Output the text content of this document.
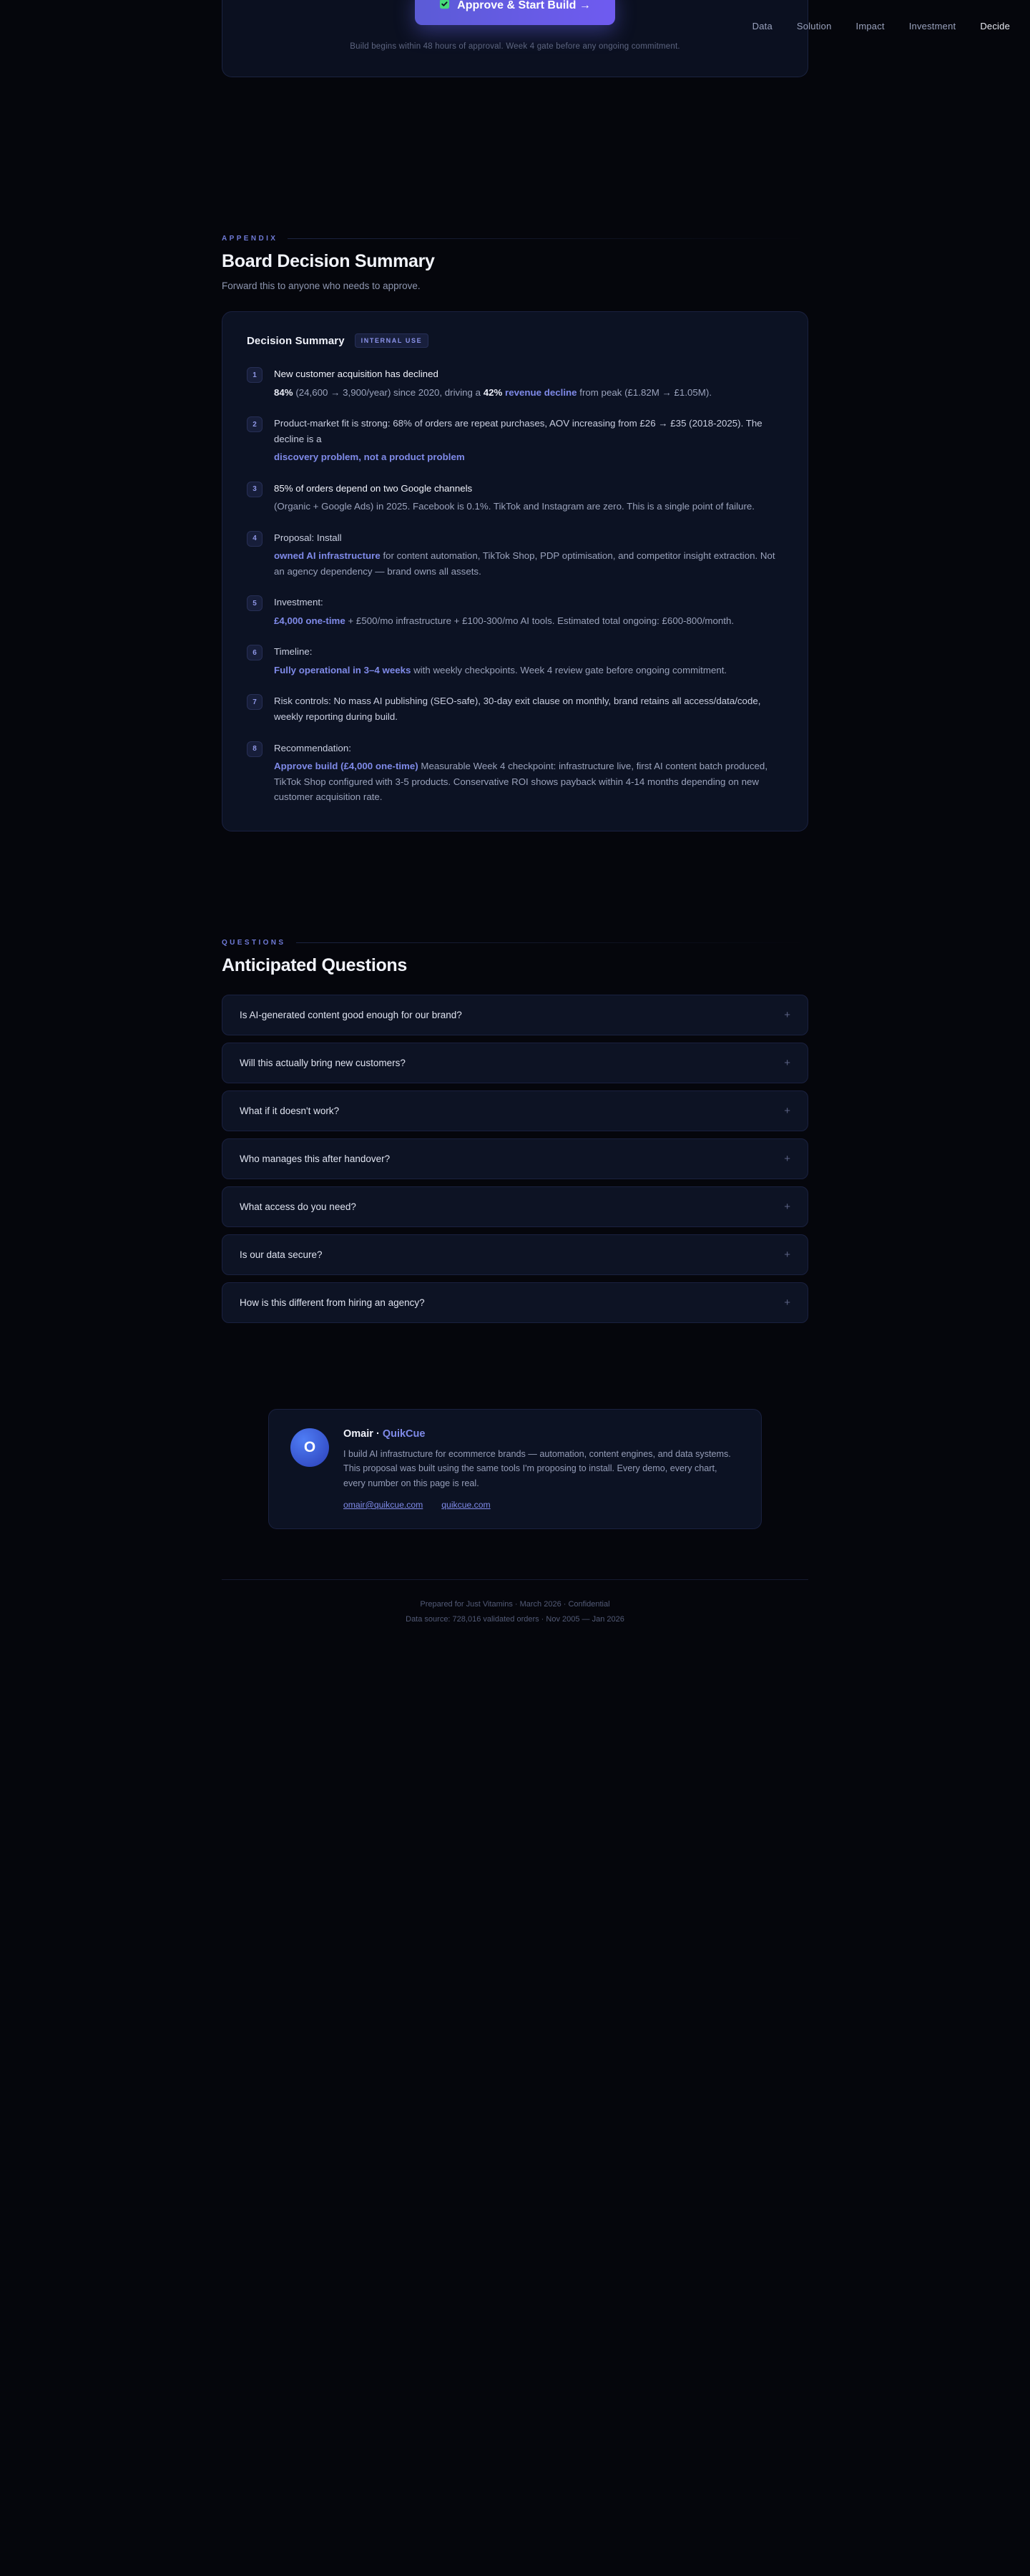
Data	Solution	Impact	Investment	Decide
Approve & Start Build →
Build begins within 48 hours of approval. Week 4 gate before any ongoing commitment.
APPENDIX
Board Decision Summary

Forward this to anyone who needs to approve.

Decision Summary	INTERNAL USE
1	New customer acquisition has declined
84% (24,600 → 3,900/year) since 2020, driving a 42% revenue decline from peak (£1.82M → £1.05M).
2	Product-market fit is strong: 68% of orders are repeat purchases, AOV increasing from £26 → £35 (2018-2025). The decline is a
discovery problem, not a product problem
3	85% of orders depend on two Google channels
(Organic + Google Ads) in 2025. Facebook is 0.1%. TikTok and Instagram are zero. This is a single point of failure.
4	Proposal: Install
owned AI infrastructure for content automation, TikTok Shop, PDP optimisation, and competitor insight extraction. Not an agency dependency — brand owns all assets.
5	Investment:
£4,000 one-time + £500/mo infrastructure + £100-300/mo AI tools. Estimated total ongoing: £600-800/month.
6	Timeline:
Fully operational in 3–4 weeks with weekly checkpoints. Week 4 review gate before ongoing commitment.
7	Risk controls: No mass AI publishing (SEO-safe), 30-day exit clause on monthly, brand retains all access/data/code, weekly reporting during build.
8	Recommendation:
Approve build (£4,000 one-time) Measurable Week 4 checkpoint: infrastructure live, first AI content batch produced, TikTok Shop configured with 3-5 products. Conservative ROI shows payback within 4-14 months depending on new customer acquisition rate.
QUESTIONS
Anticipated Questions
Is AI-generated content good enough for our brand?	+
Will this actually bring new customers?	+
What if it doesn't work?	+
Who manages this after handover?	+
What access do you need?	+
Is our data secure?	+
How is this different from hiring an agency?	+
O
Omair · QuikCue
I build AI infrastructure for ecommerce brands — automation, content engines, and data systems. This proposal was built using the same tools I'm proposing to install. Every demo, every chart, every number on this page is real.
omair@quikcue.com quikcue.com
Prepared for Just Vitamins · March 2026 · Confidential
Data source: 728,016 validated orders · Nov 2005 — Jan 2026
